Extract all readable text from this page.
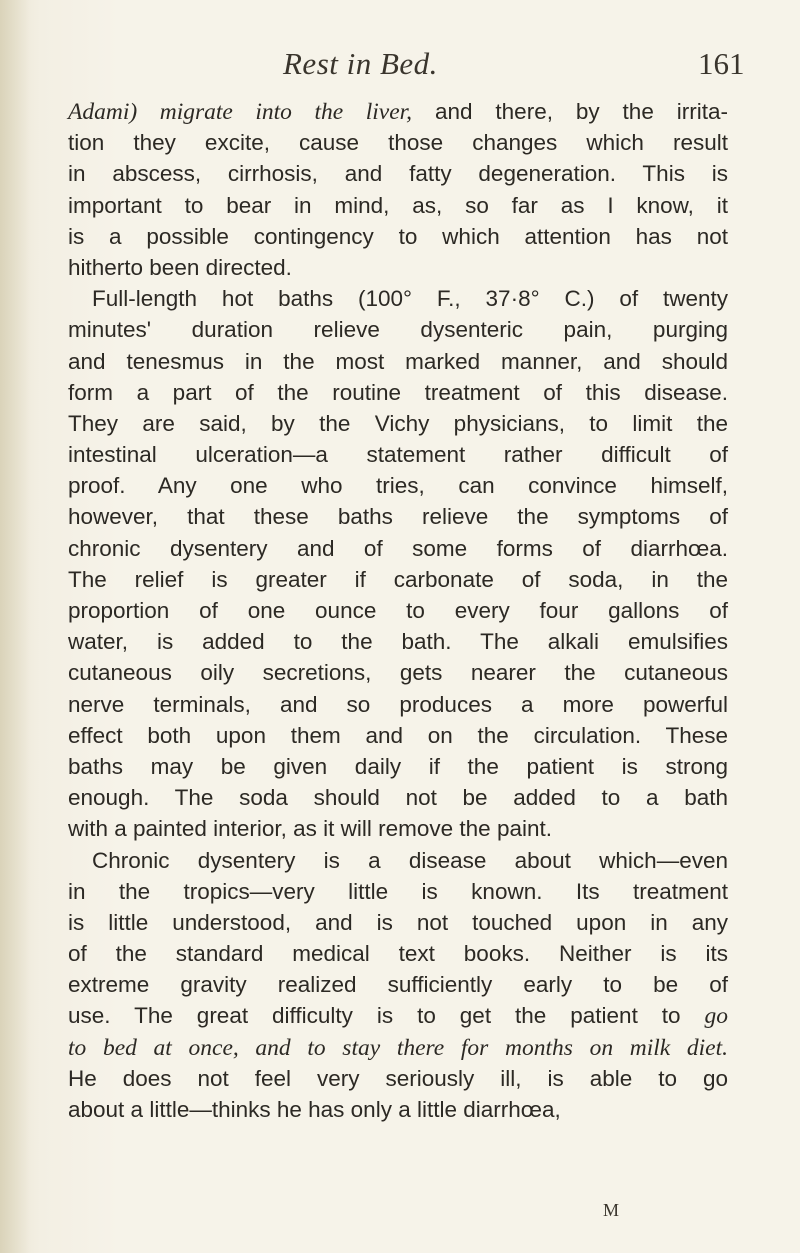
Rest in Bed.	161
Adami) migrate into the liver, and there, by the irrita-
tion they excite, cause those changes which result
in abscess, cirrhosis, and fatty degeneration. This is
important to bear in mind, as, so far as I know, it
is a possible contingency to which attention has not
hitherto been directed.
Full-length hot baths (100° F., 37·8° C.) of twenty
minutes' duration relieve dysenteric pain, purging
and tenesmus in the most marked manner, and should
form a part of the routine treatment of this disease.
They are said, by the Vichy physicians, to limit the
intestinal ulceration—a statement rather difficult of
proof. Any one who tries, can convince himself,
however, that these baths relieve the symptoms of
chronic dysentery and of some forms of diarrhœa.
The relief is greater if carbonate of soda, in the
proportion of one ounce to every four gallons of
water, is added to the bath. The alkali emulsifies
cutaneous oily secretions, gets nearer the cutaneous
nerve terminals, and so produces a more powerful
effect both upon them and on the circulation. These
baths may be given daily if the patient is strong
enough. The soda should not be added to a bath
with a painted interior, as it will remove the paint.
Chronic dysentery is a disease about which—even
in the tropics—very little is known. Its treatment
is little understood, and is not touched upon in any
of the standard medical text books. Neither is its
extreme gravity realized sufficiently early to be of
use. The great difficulty is to get the patient to go
to bed at once, and to stay there for months on milk diet.
He does not feel very seriously ill, is able to go
about a little—thinks he has only a little diarrhœa,
M
